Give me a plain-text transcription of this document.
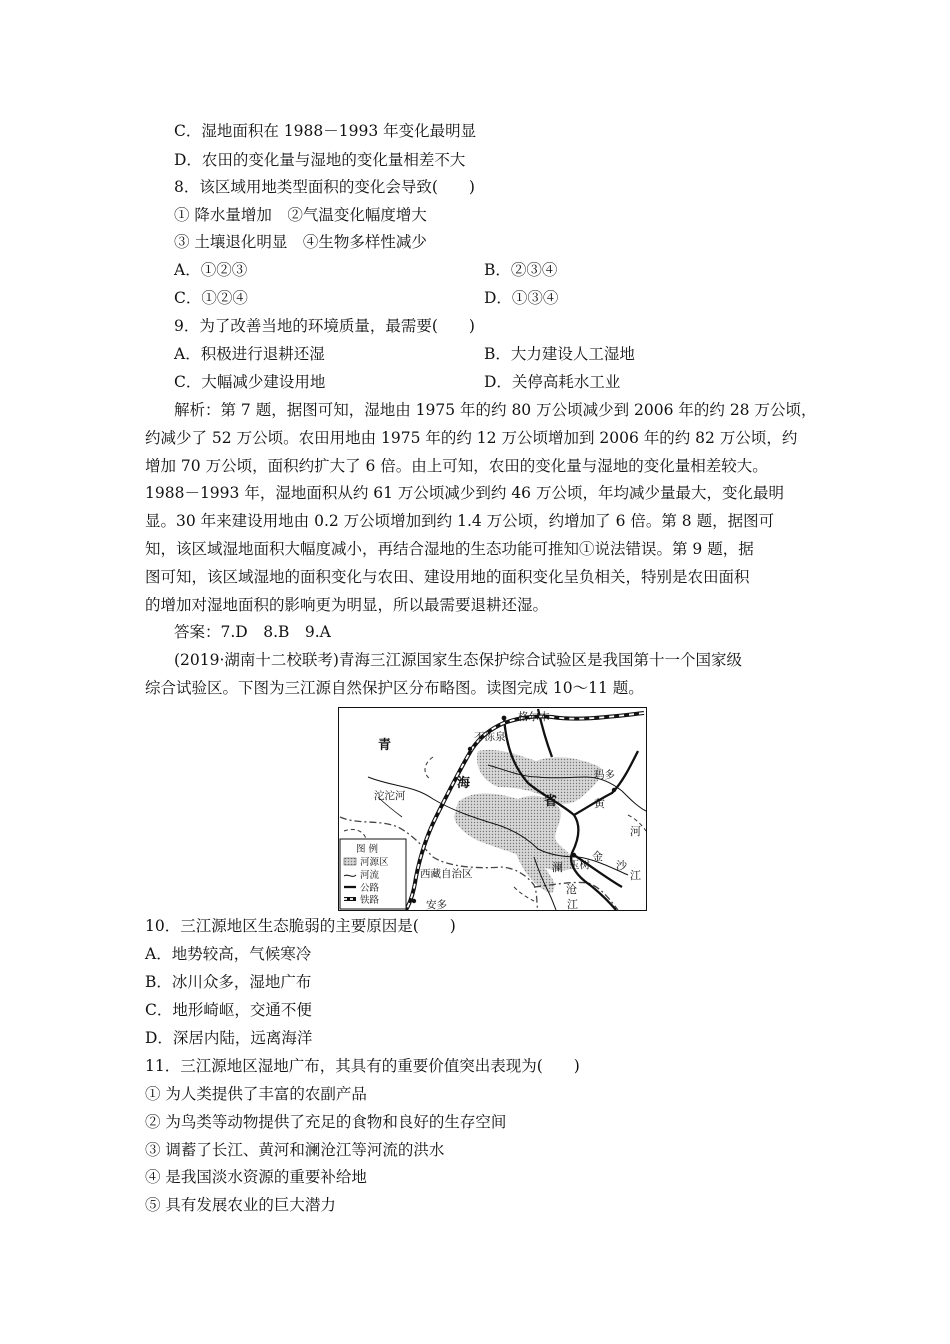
C．湿地面积在 1988－1993 年变化最明显
D．农田的变化量与湿地的变化量相差不大
8．该区域用地类型面积的变化会导致(　　)
① 降水量增加　②气温变化幅度增大
③ 土壤退化明显　④生物多样性减少
A．①②③	B．②③④
C．①②④	D．①③④
9．为了改善当地的环境质量，最需要(　　)
A．积极进行退耕还湿	B．大力建设人工湿地
C．大幅减少建设用地	D．关停高耗水工业
解析：第 7 题，据图可知，湿地由 1975 年的约 80 万公顷减少到 2006 年的约 28 万公顷，
约减少了 52 万公顷。农田用地由 1975 年的约 12 万公顷增加到 2006 年的约 82 万公顷，约
增加 70 万公顷，面积约扩大了 6 倍。由上可知，农田的变化量与湿地的变化量相差较大。
1988－1993 年，湿地面积从约 61 万公顷减少到约 46 万公顷，年均减少量最大，变化最明
显。30 年来建设用地由 0.2 万公顷增加到约 1.4 万公顷，约增加了 6 倍。第 8 题，据图可
知，该区域湿地面积大幅度减小，再结合湿地的生态功能可推知①说法错误。第 9 题，据
图可知，该区域湿地的面积变化与农田、建设用地的面积变化呈负相关，特别是农田面积
的增加对湿地面积的影响更为明显，所以最需要退耕还湿。
答案：7.D　8.B　9.A
(2019·湖南十二校联考)青海三江源国家生态保护综合试验区是我国第十一个国家级
综合试验区。下图为三江源自然保护区分布略图。读图完成 10～11 题。
格尔木
不冻泉
玛多
沱沱河
玉树
西藏自治区
安多
青
海
省	黄
河
金
沙
江
澜
沧
江
图 例
河源区
河流
公路
铁路
10．三江源地区生态脆弱的主要原因是(　　)
A．地势较高，气候寒冷
B．冰川众多，湿地广布
C．地形崎岖，交通不便
D．深居内陆，远离海洋
11．三江源地区湿地广布，其具有的重要价值突出表现为(　　)
① 为人类提供了丰富的农副产品
② 为鸟类等动物提供了充足的食物和良好的生存空间
③ 调蓄了长江、黄河和澜沧江等河流的洪水
④ 是我国淡水资源的重要补给地
⑤ 具有发展农业的巨大潜力
